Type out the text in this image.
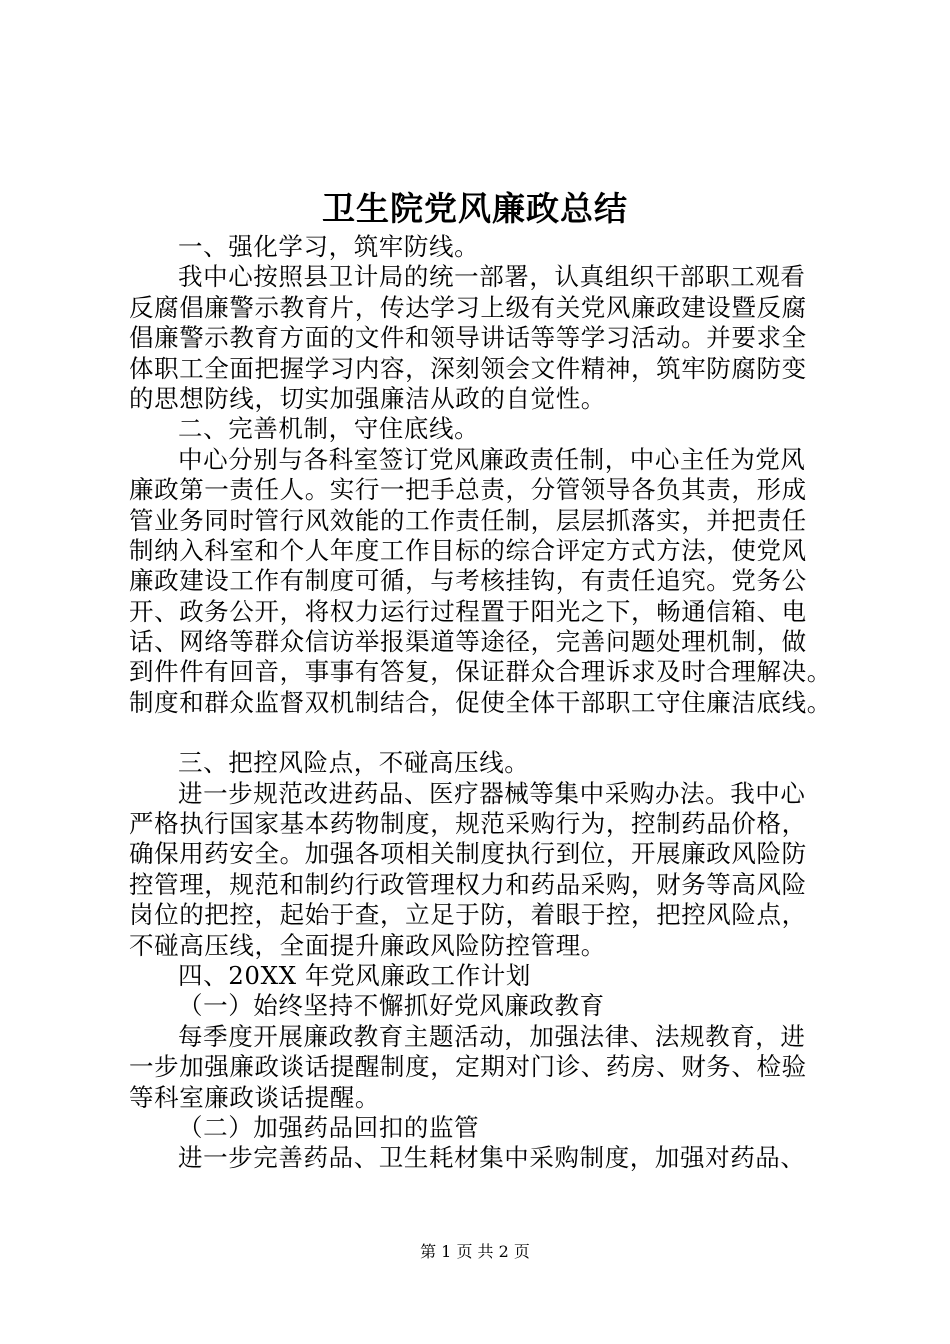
卫生院党风廉政总结
一、强化学习，筑牢防线。
我中心按照县卫计局的统一部署，认真组织干部职工观看
反腐倡廉警示教育片，传达学习上级有关党风廉政建设暨反腐
倡廉警示教育方面的文件和领导讲话等等学习活动。并要求全
体职工全面把握学习内容，深刻领会文件精神，筑牢防腐防变
的思想防线，切实加强廉洁从政的自觉性。
二、完善机制，守住底线。
中心分别与各科室签订党风廉政责任制，中心主任为党风
廉政第一责任人。实行一把手总责，分管领导各负其责，形成
管业务同时管行风效能的工作责任制，层层抓落实，并把责任
制纳入科室和个人年度工作目标的综合评定方式方法，使党风
廉政建设工作有制度可循，与考核挂钩，有责任追究。党务公
开、政务公开，将权力运行过程置于阳光之下，畅通信箱、电
话、网络等群众信访举报渠道等途径，完善问题处理机制，做
到件件有回音，事事有答复，保证群众合理诉求及时合理解决。
制度和群众监督双机制结合，促使全体干部职工守住廉洁底线。
三、把控风险点，不碰高压线。
进一步规范改进药品、医疗器械等集中采购办法。我中心
严格执行国家基本药物制度，规范采购行为，控制药品价格，
确保用药安全。加强各项相关制度执行到位，开展廉政风险防
控管理，规范和制约行政管理权力和药品采购，财务等高风险
岗位的把控，起始于查，立足于防，着眼于控，把控风险点，
不碰高压线，全面提升廉政风险防控管理。
四、20XX 年党风廉政工作计划
（一）始终坚持不懈抓好党风廉政教育
每季度开展廉政教育主题活动，加强法律、法规教育，进
一步加强廉政谈话提醒制度，定期对门诊、药房、财务、检验
等科室廉政谈话提醒。
（二）加强药品回扣的监管
进一步完善药品、卫生耗材集中采购制度，加强对药品、
第 1 页 共 2 页
